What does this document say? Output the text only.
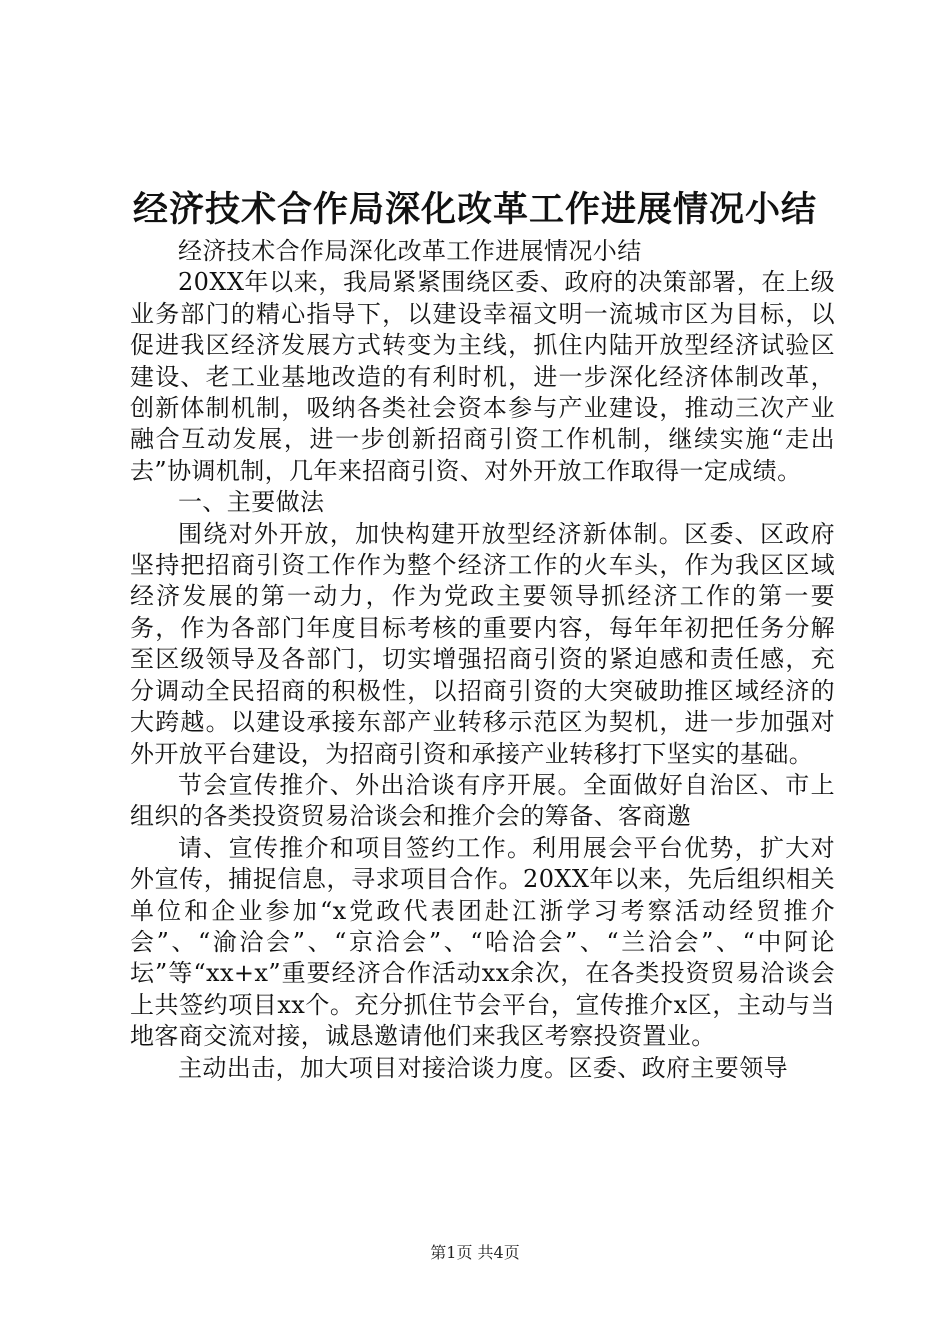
经济技术合作局深化改革工作进展情况小结

经济技术合作局深化改革工作进展情况小结

20XX年以来，我局紧紧围绕区委、政府的决策部署，在上级业务部门的精心指导下，以建设幸福文明一流城市区为目标，以促进我区经济发展方式转变为主线，抓住内陆开放型经济试验区建设、老工业基地改造的有利时机，进一步深化经济体制改革，创新体制机制，吸纳各类社会资本参与产业建设，推动三次产业融合互动发展，进一步创新招商引资工作机制，继续实施“走出去”协调机制，几年来招商引资、对外开放工作取得一定成绩。

一、主要做法

围绕对外开放，加快构建开放型经济新体制。区委、区政府坚持把招商引资工作作为整个经济工作的火车头，作为我区区域经济发展的第一动力，作为党政主要领导抓经济工作的第一要务，作为各部门年度目标考核的重要内容，每年年初把任务分解至区级领导及各部门，切实增强招商引资的紧迫感和责任感，充分调动全民招商的积极性，以招商引资的大突破助推区域经济的大跨越。以建设承接东部产业转移示范区为契机，进一步加强对外开放平台建设，为招商引资和承接产业转移打下坚实的基础。

节会宣传推介、外出洽谈有序开展。全面做好自治区、市上组织的各类投资贸易洽谈会和推介会的筹备、客商邀

请、宣传推介和项目签约工作。利用展会平台优势，扩大对外宣传，捕捉信息，寻求项目合作。20XX年以来，先后组织相关单位和企业参加“x党政代表团赴江浙学习考察活动经贸推介会”、“渝洽会”、“京洽会”、“哈洽会”、“兰洽会”、“中阿论坛”等“xx+x”重要经济合作活动xx余次，在各类投资贸易洽谈会上共签约项目xx个。充分抓住节会平台，宣传推介x区，主动与当地客商交流对接，诚恳邀请他们来我区考察投资置业。

主动出击，加大项目对接洽谈力度。区委、政府主要领导

第1页 共4页
